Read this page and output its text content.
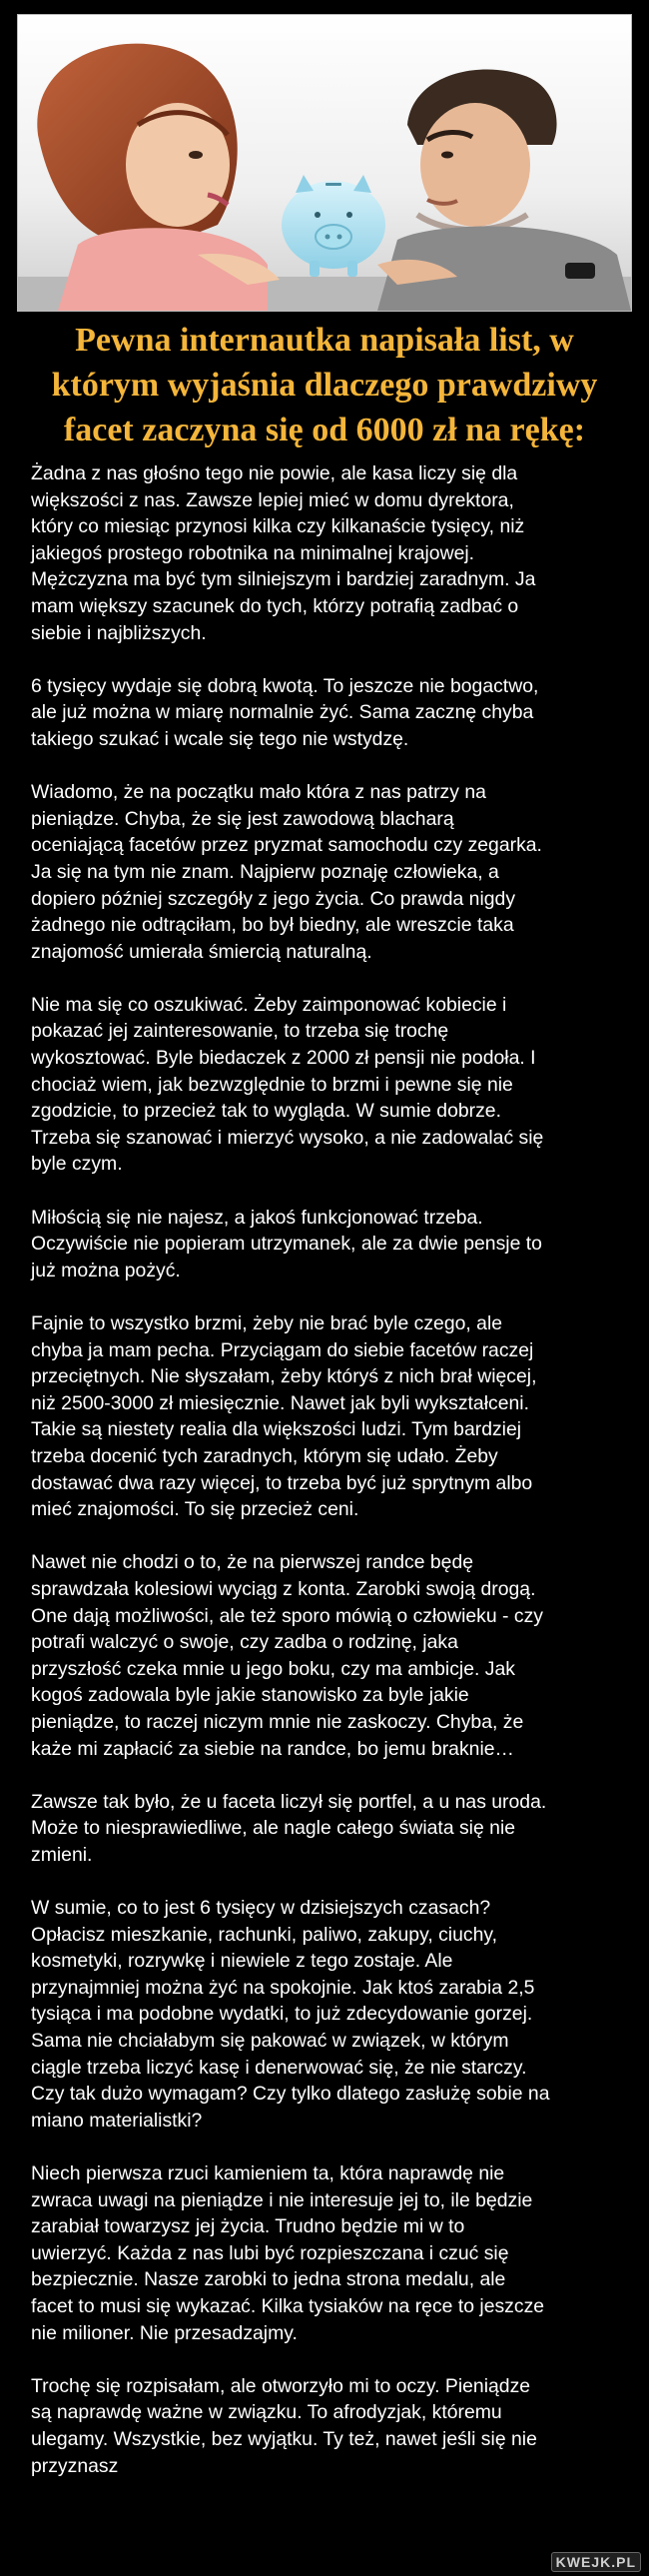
Pewna internautka napisała list, w
którym wyjaśnia dlaczego prawdziwy
facet zaczyna się od 6000 zł na rękę:

Żadna z nas głośno tego nie powie, ale kasa liczy się dla
większości z nas. Zawsze lepiej mieć w domu dyrektora,
który co miesiąc przynosi kilka czy kilkanaście tysięcy, niż
jakiegoś prostego robotnika na minimalnej krajowej.
Mężczyzna ma być tym silniejszym i bardziej zaradnym. Ja
mam większy szacunek do tych, którzy potrafią zadbać o
siebie i najbliższych.

6 tysięcy wydaje się dobrą kwotą. To jeszcze nie bogactwo,
ale już można w miarę normalnie żyć. Sama zacznę chyba
takiego szukać i wcale się tego nie wstydzę.

Wiadomo, że na początku mało która z nas patrzy na
pieniądze. Chyba, że się jest zawodową blacharą
oceniającą facetów przez pryzmat samochodu czy zegarka.
Ja się na tym nie znam. Najpierw poznaję człowieka, a
dopiero później szczegóły z jego życia. Co prawda nigdy
żadnego nie odtrąciłam, bo był biedny, ale wreszcie taka
znajomość umierała śmiercią naturalną.

Nie ma się co oszukiwać. Żeby zaimponować kobiecie i
pokazać jej zainteresowanie, to trzeba się trochę
wykosztować. Byle biedaczek z 2000 zł pensji nie podoła. I
chociaż wiem, jak bezwzględnie to brzmi i pewne się nie
zgodzicie, to przecież tak to wygląda. W sumie dobrze.
Trzeba się szanować i mierzyć wysoko, a nie zadowalać się
byle czym.

Miłością się nie najesz, a jakoś funkcjonować trzeba.
Oczywiście nie popieram utrzymanek, ale za dwie pensje to
już można pożyć.

Fajnie to wszystko brzmi, żeby nie brać byle czego, ale
chyba ja mam pecha. Przyciągam do siebie facetów raczej
przeciętnych. Nie słyszałam, żeby któryś z nich brał więcej,
niż 2500-3000 zł miesięcznie. Nawet jak byli wykształceni.
Takie są niestety realia dla większości ludzi. Tym bardziej
trzeba docenić tych zaradnych, którym się udało. Żeby
dostawać dwa razy więcej, to trzeba być już sprytnym albo
mieć znajomości. To się przecież ceni.

Nawet nie chodzi o to, że na pierwszej randce będę
sprawdzała kolesiowi wyciąg z konta. Zarobki swoją drogą.
One dają możliwości, ale też sporo mówią o człowieku - czy
potrafi walczyć o swoje, czy zadba o rodzinę, jaka
przyszłość czeka mnie u jego boku, czy ma ambicje. Jak
kogoś zadowala byle jakie stanowisko za byle jakie
pieniądze, to raczej niczym mnie nie zaskoczy. Chyba, że
każe mi zapłacić za siebie na randce, bo jemu braknie…

Zawsze tak było, że u faceta liczył się portfel, a u nas uroda.
Może to niesprawiedliwe, ale nagle całego świata się nie
zmieni.

W sumie, co to jest 6 tysięcy w dzisiejszych czasach?
Opłacisz mieszkanie, rachunki, paliwo, zakupy, ciuchy,
kosmetyki, rozrywkę i niewiele z tego zostaje. Ale
przynajmniej można żyć na spokojnie. Jak ktoś zarabia 2,5
tysiąca i ma podobne wydatki, to już zdecydowanie gorzej.
Sama nie chciałabym się pakować w związek, w którym
ciągle trzeba liczyć kasę i denerwować się, że nie starczy.
Czy tak dużo wymagam? Czy tylko dlatego zasłużę sobie na
miano materialistki?

Niech pierwsza rzuci kamieniem ta, która naprawdę nie
zwraca uwagi na pieniądze i nie interesuje jej to, ile będzie
zarabiał towarzysz jej życia. Trudno będzie mi w to
uwierzyć. Każda z nas lubi być rozpieszczana i czuć się
bezpiecznie. Nasze zarobki to jedna strona medalu, ale
facet to musi się wykazać. Kilka tysiaków na ręce to jeszcze
nie milioner. Nie przesadzajmy.

Trochę się rozpisałam, ale otworzyło mi to oczy. Pieniądze
są naprawdę ważne w związku. To afrodyzjak, któremu
ulegamy. Wszystkie, bez wyjątku. Ty też, nawet jeśli się nie
przyznasz

KWEJK.PL
